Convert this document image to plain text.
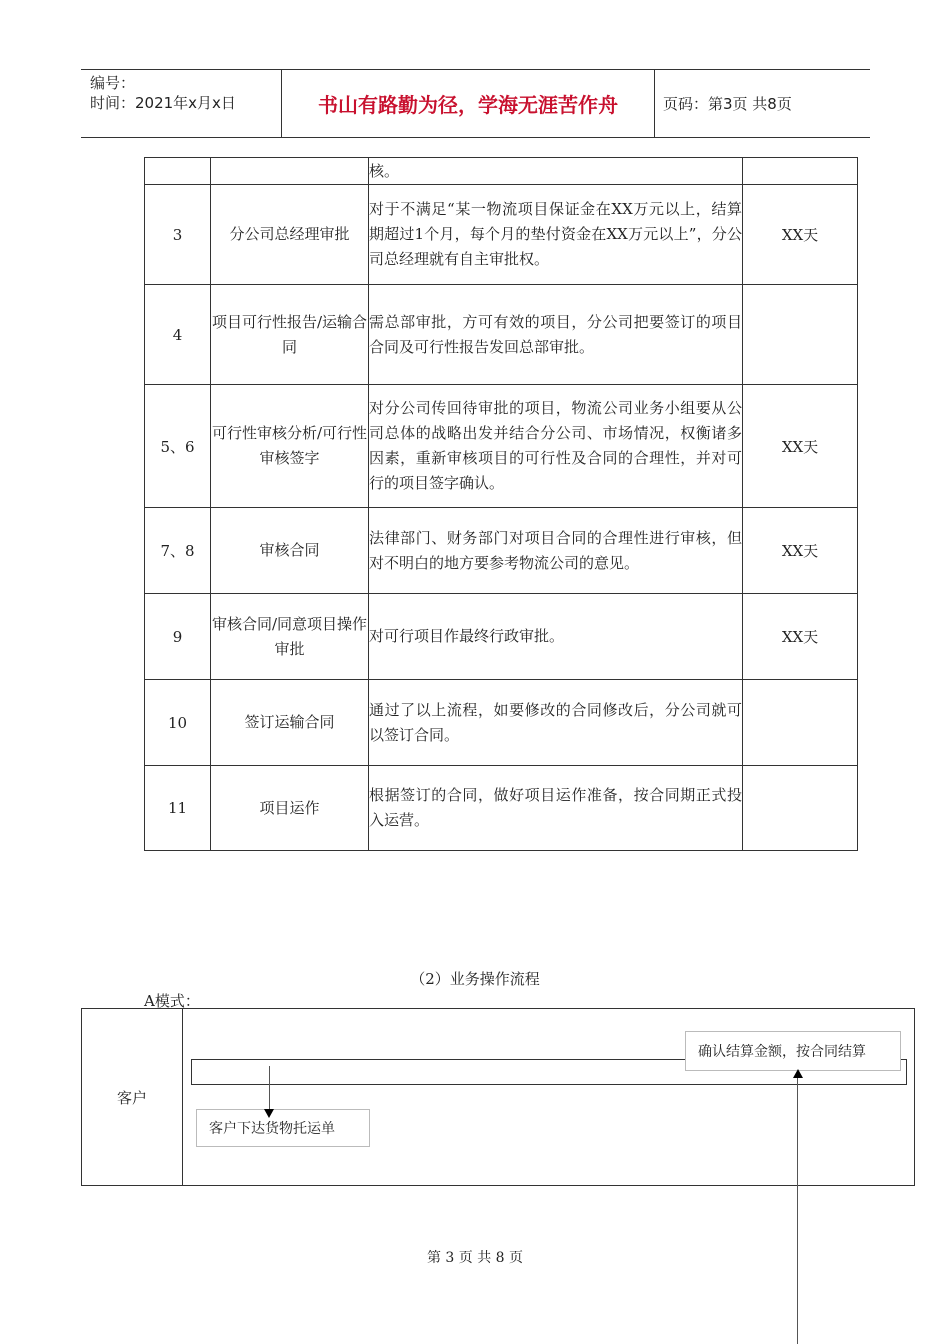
编号：
时间：2021年x月x日	书山有路勤为径，学海无涯苦作舟	页码：第3页 共8页
		核。	
3	分公司总经理审批	对于不满足“某一物流项目保证金在XX万元以上，结算期超过1个月，每个月的垫付资金在XX万元以上”，分公司总经理就有自主审批权。	XX天
4	项目可行性报告/运输合同	需总部审批，方可有效的项目，分公司把要签订的项目合同及可行性报告发回总部审批。	
5、6	可行性审核分析/可行性审核签字	对分公司传回待审批的项目，物流公司业务小组要从公司总体的战略出发并结合分公司、市场情况，权衡诸多因素，重新审核项目的可行性及合同的合理性，并对可行的项目签字确认。	XX天
7、8	审核合同	法律部门、财务部门对项目合同的合理性进行审核，但对不明白的地方要参考物流公司的意见。	XX天
9	审核合同/同意项目操作审批	对可行项目作最终行政审批。	XX天
10	签订运输合同	通过了以上流程，如要修改的合同修改后，分公司就可以签订合同。	
11	项目运作	根据签订的合同，做好项目运作准备，按合同期正式投入运营。	
（2）业务操作流程
A模式：
客户
确认结算金额，按合同结算
客户下达货物托运单
第 3 页 共 8 页
